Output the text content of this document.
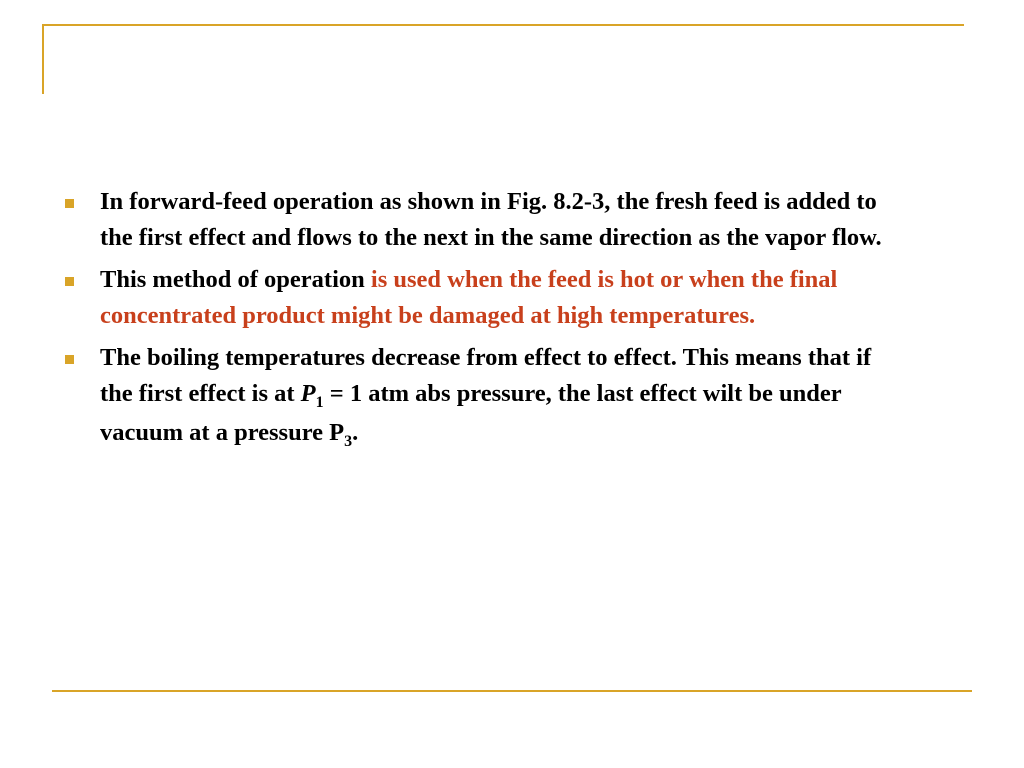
In forward-feed operation as shown in Fig. 8.2-3, the fresh feed is added to the first effect and flows to the next in the same direction as the vapor flow.
This method of operation is used when the feed is hot or when the final concentrated product might be damaged at high temperatures.
The boiling temperatures decrease from effect to effect. This means that if the first effect is at $P_1 = 1$ atm abs pressure, the last effect wilt be under vacuum at a pressure $P_3$.
